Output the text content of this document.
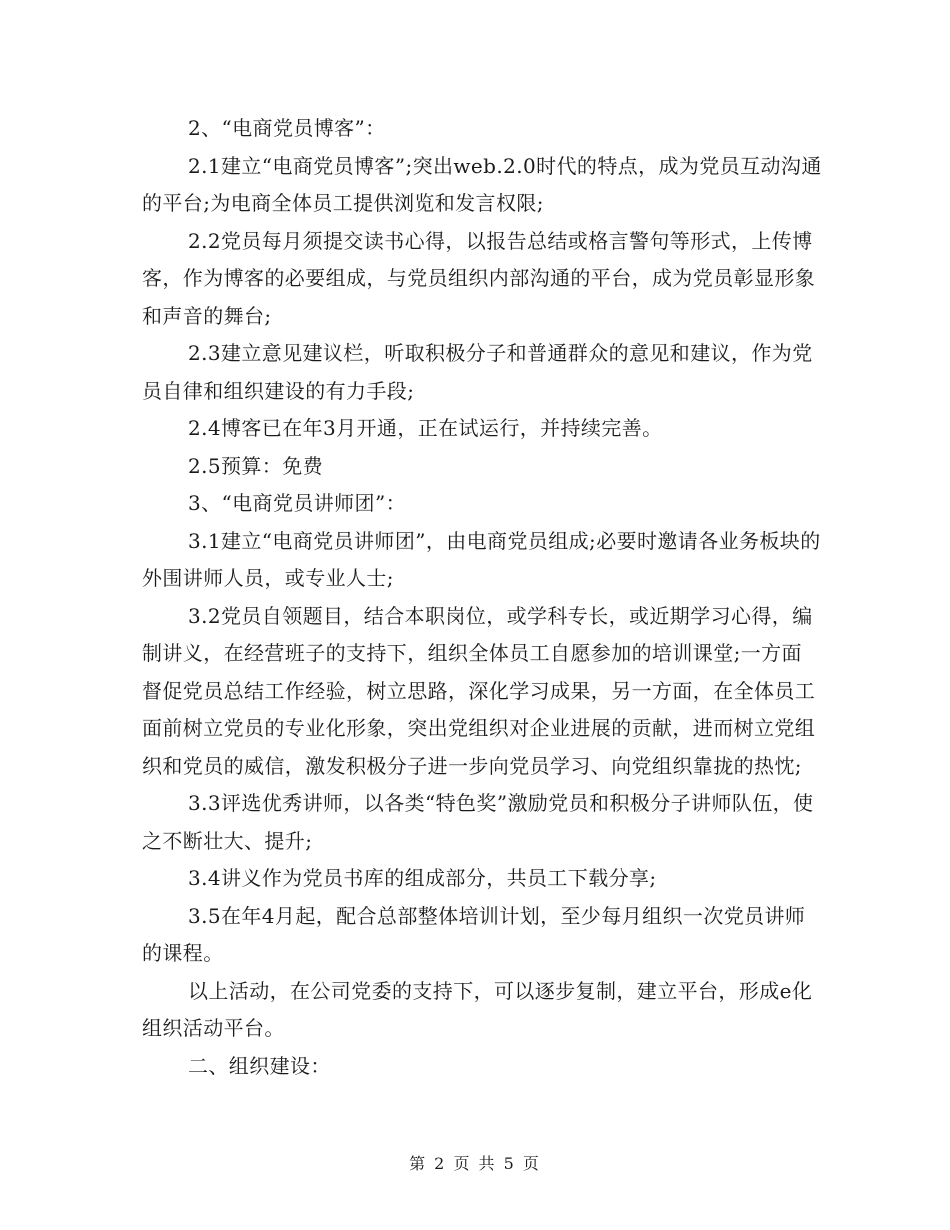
2、“电商党员博客”：

2.1建立“电商党员博客”;突出web.2.0时代的特点，成为党员互动沟通的平台;为电商全体员工提供浏览和发言权限;

2.2党员每月须提交读书心得，以报告总结或格言警句等形式，上传博客，作为博客的必要组成，与党员组织内部沟通的平台，成为党员彰显形象和声音的舞台;

2.3建立意见建议栏，听取积极分子和普通群众的意见和建议，作为党员自律和组织建设的有力手段;

2.4博客已在年3月开通，正在试运行，并持续完善。

2.5预算：免费

3、“电商党员讲师团”：

3.1建立“电商党员讲师团”，由电商党员组成;必要时邀请各业务板块的外围讲师人员，或专业人士;

3.2党员自领题目，结合本职岗位，或学科专长，或近期学习心得，编制讲义，在经营班子的支持下，组织全体员工自愿参加的培训课堂;一方面督促党员总结工作经验，树立思路，深化学习成果，另一方面，在全体员工面前树立党员的专业化形象，突出党组织对企业进展的贡献，进而树立党组织和党员的威信，激发积极分子进一步向党员学习、向党组织靠拢的热忱;

3.3评选优秀讲师，以各类“特色奖”激励党员和积极分子讲师队伍，使之不断壮大、提升;

3.4讲义作为党员书库的组成部分，共员工下载分享;

3.5在年4月起，配合总部整体培训计划，至少每月组织一次党员讲师的课程。

以上活动，在公司党委的支持下，可以逐步复制，建立平台，形成e化组织活动平台。

二、组织建设：

第 2 页 共 5 页
